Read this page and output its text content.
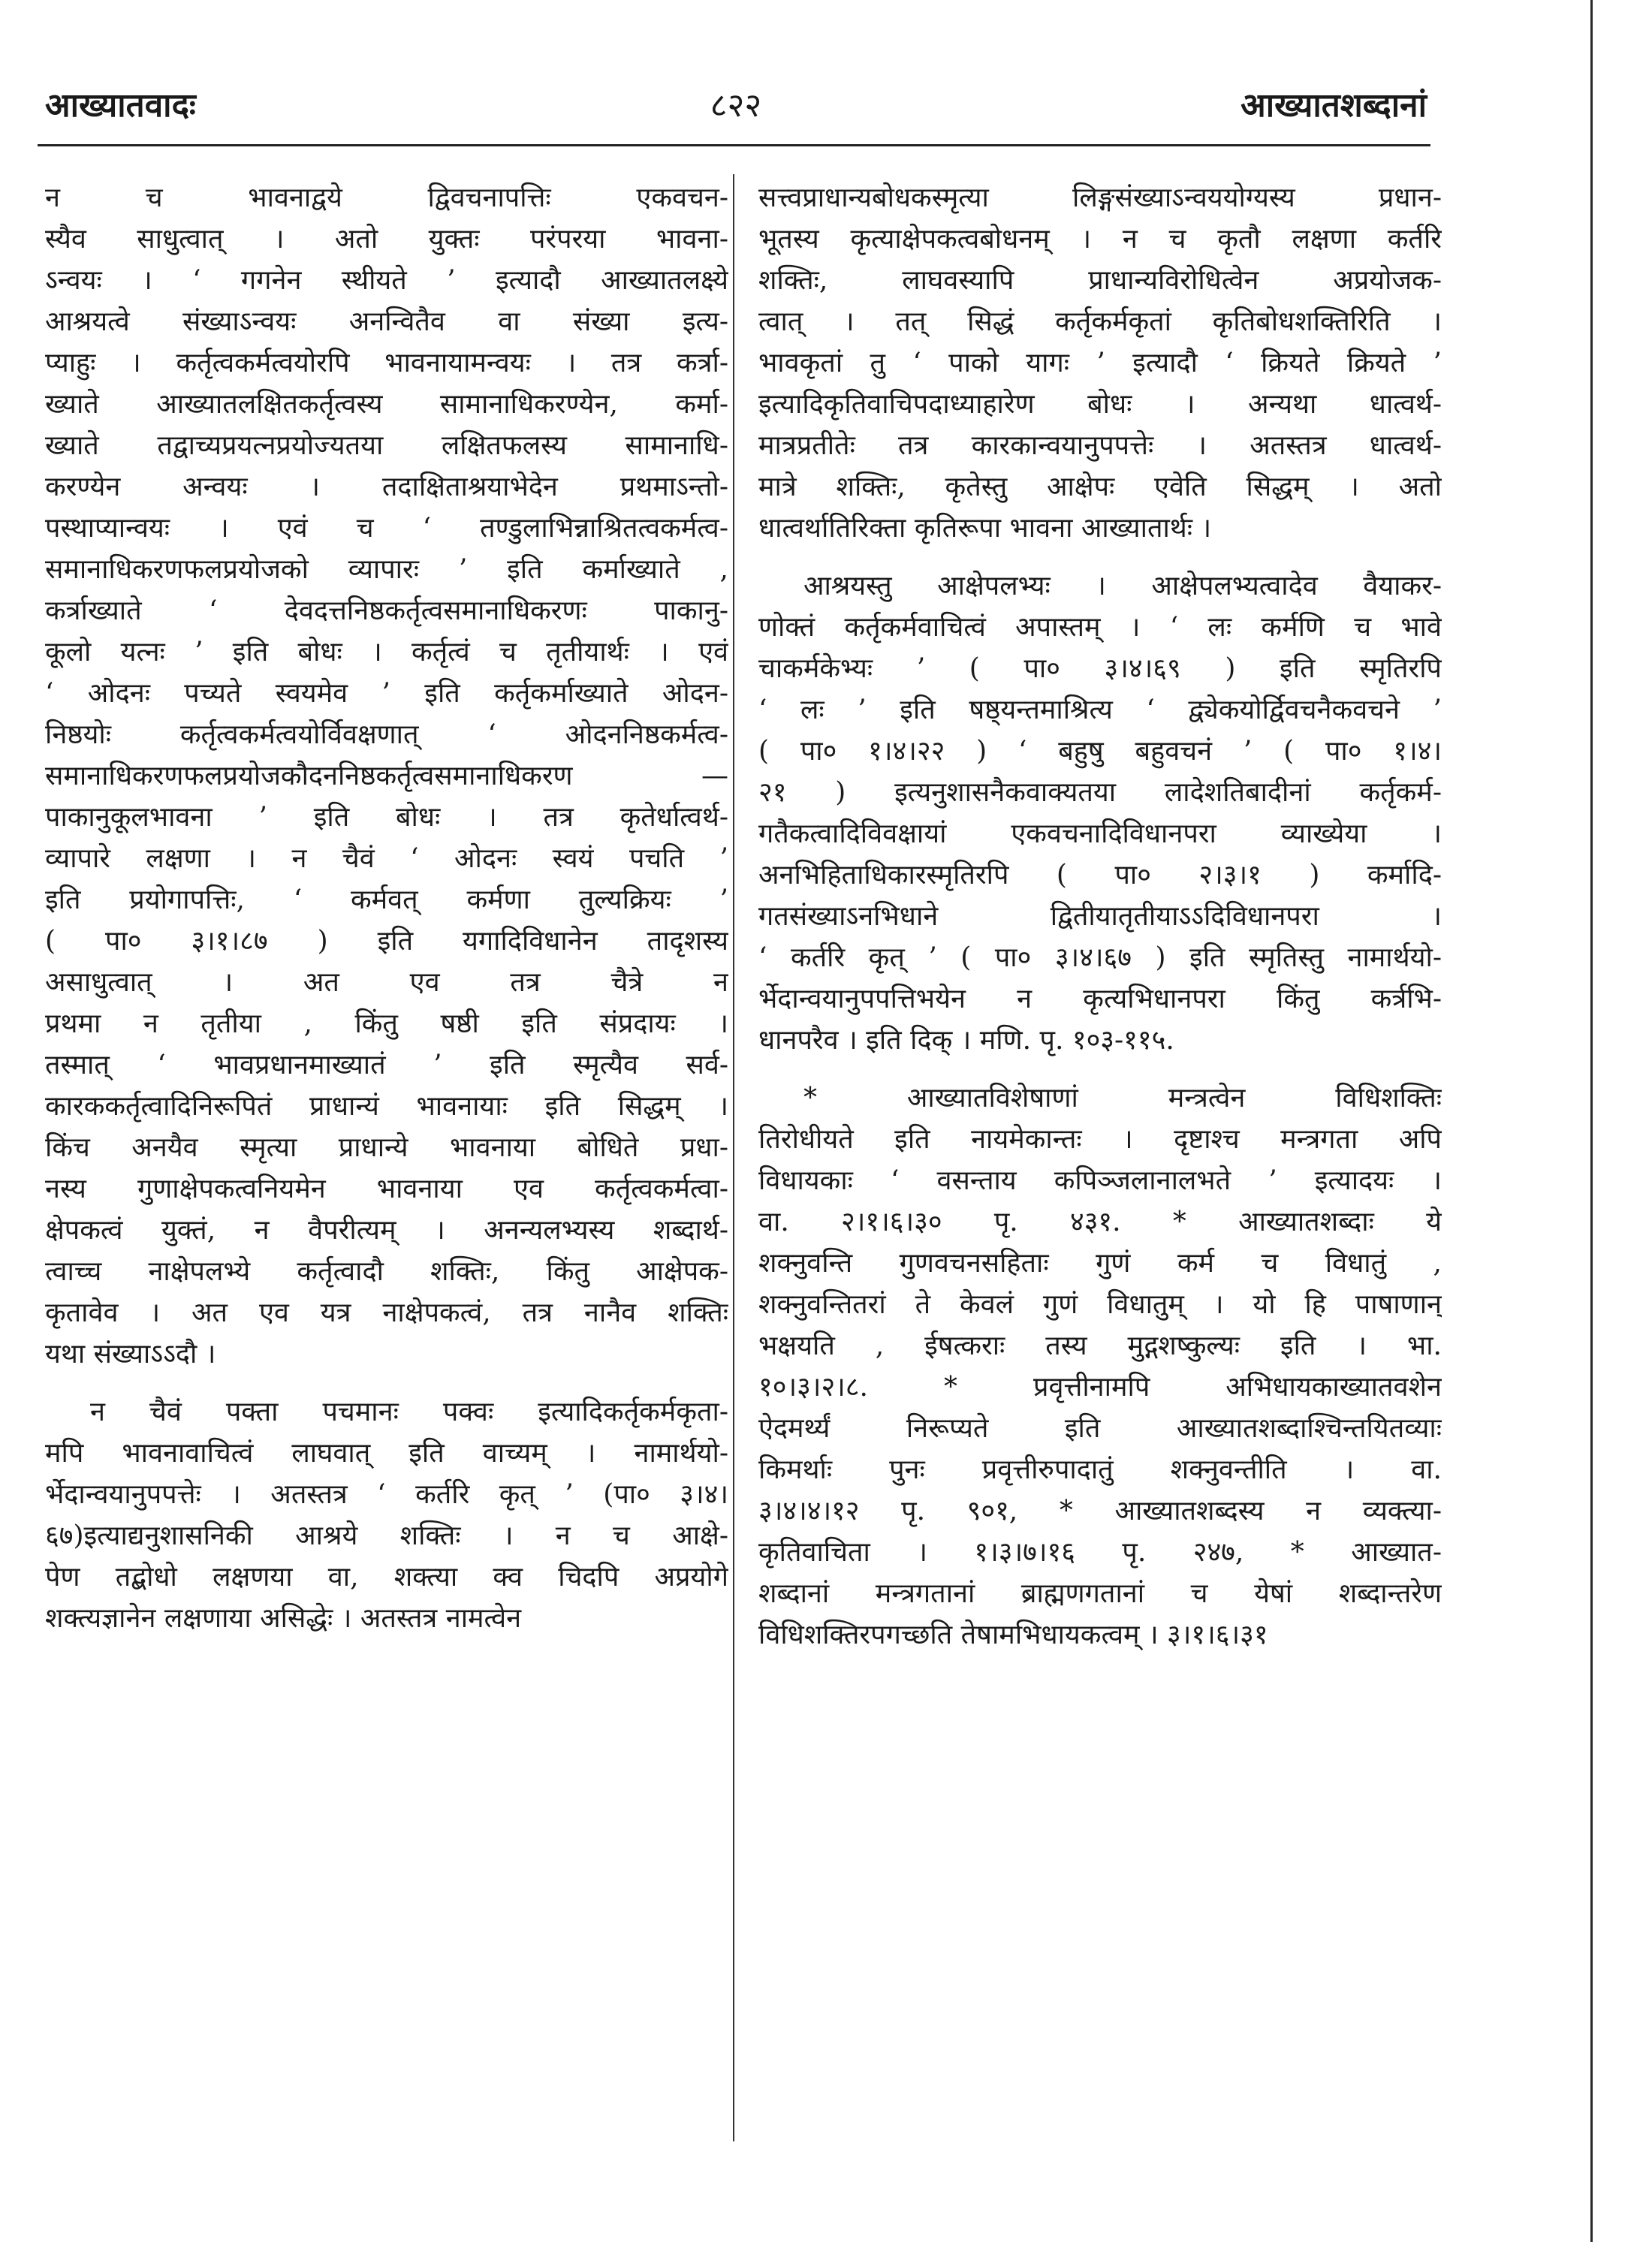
आख्यातवादः	८२२	आख्यातशब्दानां
न च भावनाद्वये द्विवचनापत्तिः एकवचन-
स्यैव साधुत्वात् । अतो युक्तः परंपरया भावना-
ऽन्वयः । ‘ गगनेन स्थीयते ’ इत्यादौ आख्यातलक्ष्ये
आश्रयत्वे संख्याऽन्वयः अनन्वितैव वा संख्या इत्य-
प्याहुः । कर्तृत्वकर्मत्वयोरपि भावनायामन्वयः । तत्र कर्त्रा-
ख्याते आख्यातलक्षितकर्तृत्वस्य सामानाधिकरण्येन, कर्मा-
ख्याते तद्वाच्यप्रयत्नप्रयोज्यतया लक्षितफलस्य सामानाधि-
करण्येन अन्वयः । तदाक्षिताश्रयाभेदेन प्रथमाऽन्तो-
पस्थाप्यान्वयः । एवं च ‘ तण्डुलाभिन्नाश्रितत्वकर्मत्व-
समानाधिकरणफलप्रयोजको व्यापारः ’ इति कर्माख्याते ,
कर्त्राख्याते ‘ देवदत्तनिष्ठकर्तृत्वसमानाधिकरणः पाकानु-
कूलो यत्नः ’ इति बोधः । कर्तृत्वं च तृतीयार्थः । एवं
‘ ओदनः पच्यते स्वयमेव ’ इति कर्तृकर्माख्याते ओदन-
निष्ठयोः कर्तृत्वकर्मत्वयोर्विवक्षणात् ‘ ओदननिष्ठकर्मत्व-
समानाधिकरणफलप्रयोजकौदननिष्ठकर्तृत्वसमानाधिकरण —
पाकानुकूलभावना ’ इति बोधः । तत्र कृतेर्धात्वर्थ-
व्यापारे लक्षणा । न चैवं ‘ ओदनः स्वयं पचति ’
इति प्रयोगापत्तिः, ‘ कर्मवत् कर्मणा तुल्यक्रियः ’
( पा० ३।१।८७ ) इति यगादिविधानेन तादृशस्य
असाधुत्वात् । अत एव तत्र चैत्रे न
प्रथमा न तृतीया , किंतु षष्ठी इति संप्रदायः ।
तस्मात् ‘ भावप्रधानमाख्यातं ’ इति स्मृत्यैव सर्व-
कारककर्तृत्वादिनिरूपितं प्राधान्यं भावनायाः इति सिद्धम् ।
किंच अनयैव स्मृत्या प्राधान्ये भावनाया बोधिते प्रधा-
नस्य गुणाक्षेपकत्वनियमेन भावनाया एव कर्तृत्वकर्मत्वा-
क्षेपकत्वं युक्तं, न वैपरीत्यम् । अनन्यलभ्यस्य शब्दार्थ-
त्वाच्च नाक्षेपलभ्ये कर्तृत्वादौ शक्तिः, किंतु आक्षेपक-
कृतावेव । अत एव यत्र नाक्षेपकत्वं, तत्र नानैव शक्तिः
यथा संख्याऽऽदौ ।
न चैवं पक्ता पचमानः पक्वः इत्यादिकर्तृकर्मकृता-
मपि भावनावाचित्वं लाघवात् इति वाच्यम् । नामार्थयो-
र्भेदान्वयानुपपत्तेः । अतस्तत्र ‘ कर्तरि कृत् ’ (पा० ३।४।
६७)इत्याद्यनुशासनिकी आश्रये शक्तिः । न च आक्षे-
पेण तद्बोधो लक्षणया वा, शक्त्या क्व चिदपि अप्रयोगे
शक्त्यज्ञानेन लक्षणाया असिद्धेः । अतस्तत्र नामत्वेन
सत्त्वप्राधान्यबोधकस्मृत्या लिङ्गसंख्याऽन्वययोग्यस्य प्रधान-
भूतस्य कृत्याक्षेपकत्वबोधनम् । न च कृतौ लक्षणा कर्तरि
शक्तिः, लाघवस्यापि प्राधान्यविरोधित्वेन अप्रयोजक-
त्वात् । तत् सिद्धं कर्तृकर्मकृतां कृतिबोधशक्तिरिति ।
भावकृतां तु ‘ पाको यागः ’ इत्यादौ ‘ क्रियते क्रियते ’
इत्यादिकृतिवाचिपदाध्याहारेण बोधः । अन्यथा धात्वर्थ-
मात्रप्रतीतेः तत्र कारकान्वयानुपपत्तेः । अतस्तत्र धात्वर्थ-
मात्रे शक्तिः, कृतेस्तु आक्षेपः एवेति सिद्धम् । अतो
धात्वर्थातिरिक्ता कृतिरूपा भावना आख्यातार्थः ।
आश्रयस्तु आक्षेपलभ्यः । आक्षेपलभ्यत्वादेव वैयाकर-
णोक्तं कर्तृकर्मवाचित्वं अपास्तम् । ‘ लः कर्मणि च भावे
चाकर्मकेभ्यः ’ ( पा० ३।४।६९ ) इति स्मृतिरपि
‘ लः ’ इति षष्ठ्यन्तमाश्रित्य ‘ द्व्येकयोर्द्विवचनैकवचने ’
( पा० १।४।२२ ) ‘ बहुषु बहुवचनं ’ ( पा० १।४।
२१ ) इत्यनुशासनैकवाक्यतया लादेशतिबादीनां कर्तृकर्म-
गतैकत्वादिविवक्षायां एकवचनादिविधानपरा व्याख्येया ।
अनभिहिताधिकारस्मृतिरपि ( पा० २।३।१ ) कर्मादि-
गतसंख्याऽनभिधाने द्वितीयातृतीयाऽऽदिविधानपरा ।
‘ कर्तरि कृत् ’ ( पा० ३।४।६७ ) इति स्मृतिस्तु नामार्थयो-
र्भेदान्वयानुपपत्तिभयेन न कृत्यभिधानपरा किंतु कर्त्रभि-
धानपरैव । इति दिक् । मणि. पृ. १०३-११५.
* आख्यातविशेषाणां मन्त्रत्वेन विधिशक्तिः
तिरोधीयते इति नायमेकान्तः । दृष्टाश्च मन्त्रगता अपि
विधायकाः ‘ वसन्ताय कपिञ्जलानालभते ’ इत्यादयः ।
वा. २।१।६।३० पृ. ४३१. * आख्यातशब्दाः ये
शक्नुवन्ति गुणवचनसहिताः गुणं कर्म च विधातुं ,
शक्नुवन्तितरां ते केवलं गुणं विधातुम् । यो हि पाषाणान्
भक्षयति , ईषत्कराः तस्य मुद्गशष्कुल्यः इति । भा.
१०।३।२।८. * प्रवृत्तीनामपि अभिधायकाख्यातवशेन
ऐदमर्थ्यं निरूप्यते इति आख्यातशब्दाश्चिन्तयितव्याः
किमर्थाः पुनः प्रवृत्तीरुपादातुं शक्नुवन्तीति । वा.
३।४।४।१२ पृ. ९०१, * आख्यातशब्दस्य न व्यक्त्या-
कृतिवाचिता । १।३।७।१६ पृ. २४७, * आख्यात-
शब्दानां मन्त्रगतानां ब्राह्मणगतानां च येषां शब्दान्तरेण
विधिशक्तिरपगच्छति तेषामभिधायकत्वम् । ३।१।६।३१
